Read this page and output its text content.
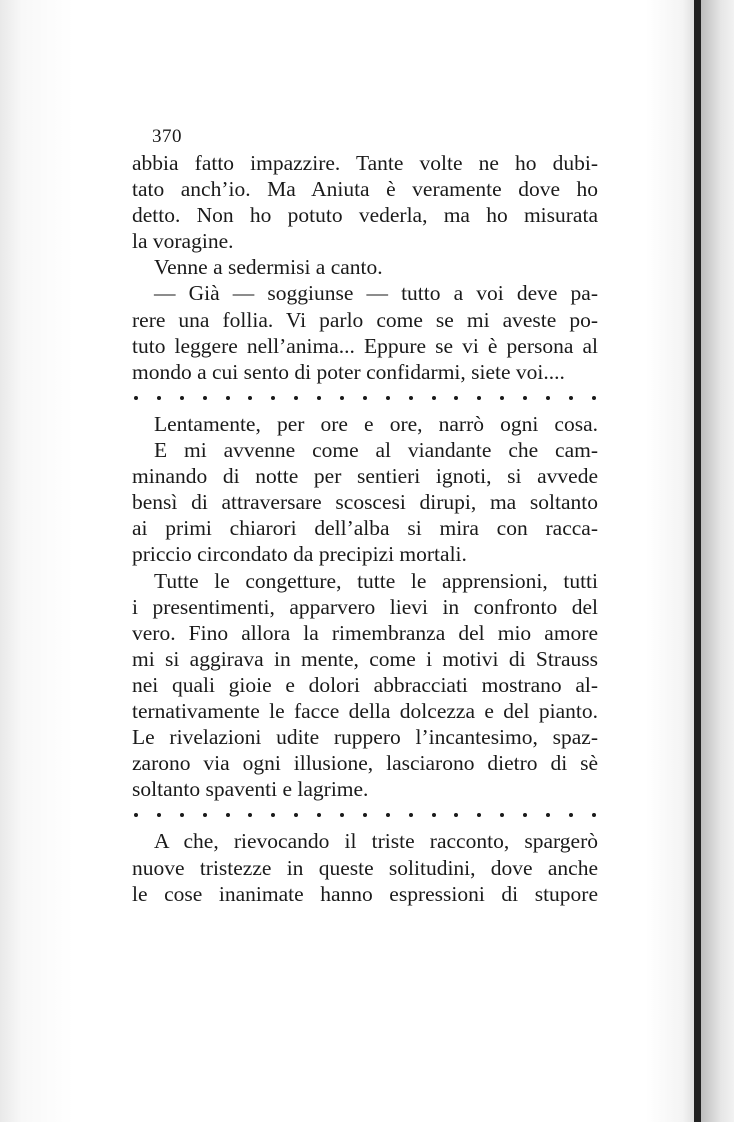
370
abbia fatto impazzire. Tante volte ne ho dubi-
tato anch’io. Ma Aniuta è veramente dove ho
detto. Non ho potuto vederla, ma ho misurata
la voragine.
Venne a sedermisi a canto.
— Già — soggiunse — tutto a voi deve pa-
rere una follia. Vi parlo come se mi aveste po-
tuto leggere nell’anima... Eppure se vi è persona al
mondo a cui sento di poter confidarmi, siete voi....
Lentamente, per ore e ore, narrò ogni cosa.
E mi avvenne come al viandante che cam-
minando di notte per sentieri ignoti, si avvede
bensì di attraversare scoscesi dirupi, ma soltanto
ai primi chiarori dell’alba si mira con racca-
priccio circondato da precipizi mortali.
Tutte le congetture, tutte le apprensioni, tutti
i presentimenti, apparvero lievi in confronto del
vero. Fino allora la rimembranza del mio amore
mi si aggirava in mente, come i motivi di Strauss
nei quali gioie e dolori abbracciati mostrano al-
ternativamente le facce della dolcezza e del pianto.
Le rivelazioni udite ruppero l’incantesimo, spaz-
zarono via ogni illusione, lasciarono dietro di sè
soltanto spaventi e lagrime.
A che, rievocando il triste racconto, spargerò
nuove tristezze in queste solitudini, dove anche
le cose inanimate hanno espressioni di stupore
